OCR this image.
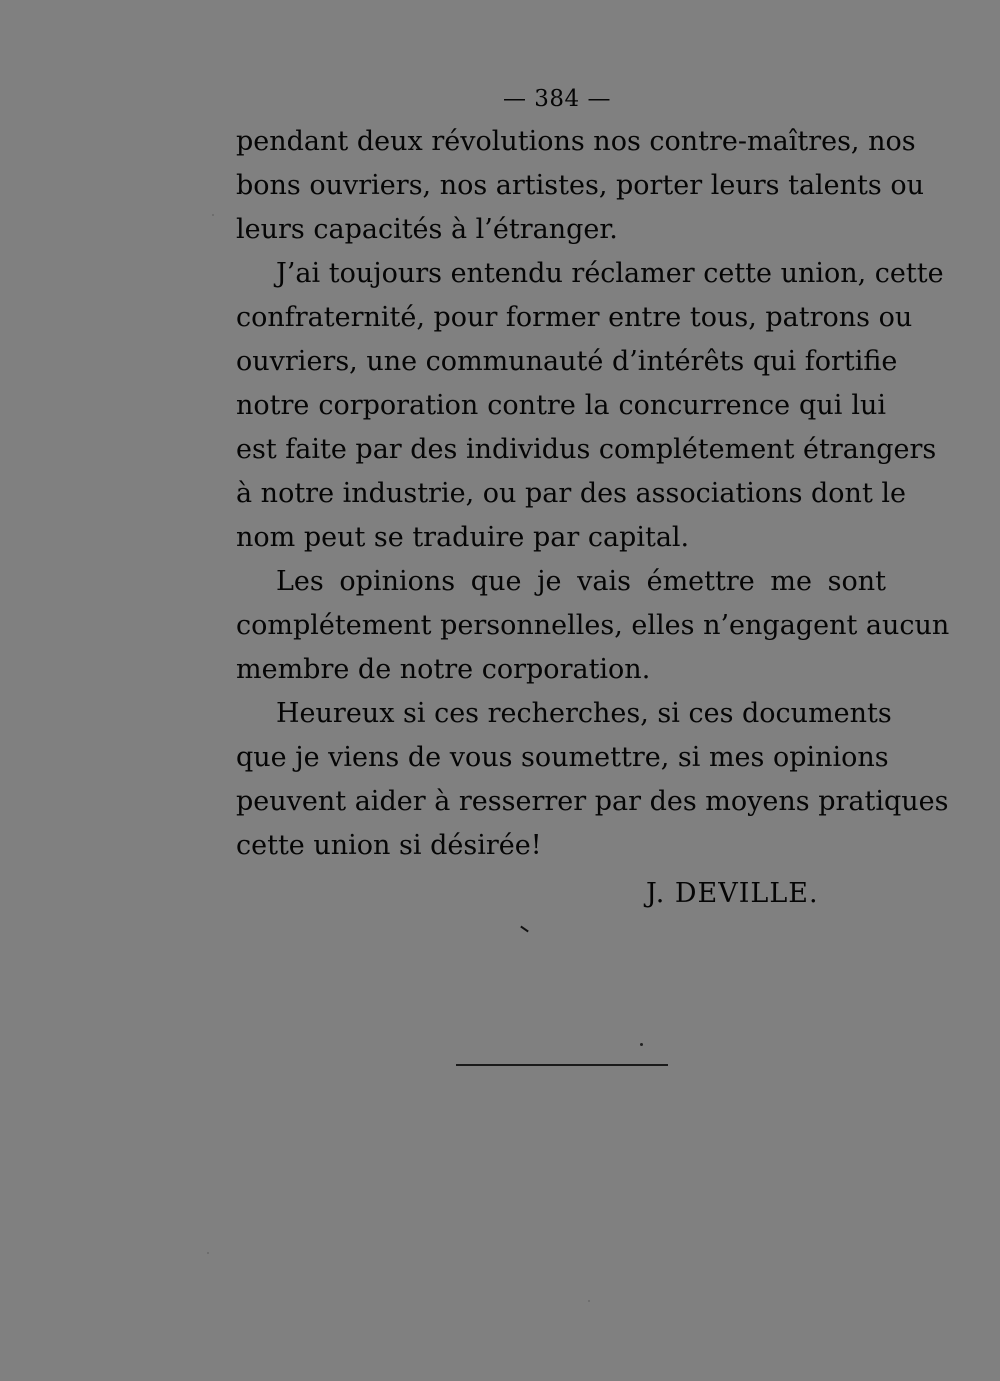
— 384 —
pendant deux révolutions nos contre-maîtres, nos
bons ouvriers, nos artistes, porter leurs talents ou
leurs capacités à l’étranger.
J’ai toujours entendu réclamer cette union, cette
confraternité, pour former entre tous, patrons ou
ouvriers, une communauté d’intérêts qui fortifie
notre corporation contre la concurrence qui lui
est faite par des individus complétement étrangers
à notre industrie, ou par des associations dont le
nom peut se traduire par capital.
Les opinions que je vais émettre me sont
complétement personnelles, elles n’engagent aucun
membre de notre corporation.
Heureux si ces recherches, si ces documents
que je viens de vous soumettre, si mes opinions
peuvent aider à resserrer par des moyens pratiques
cette union si désirée!
J. DEVILLE.
